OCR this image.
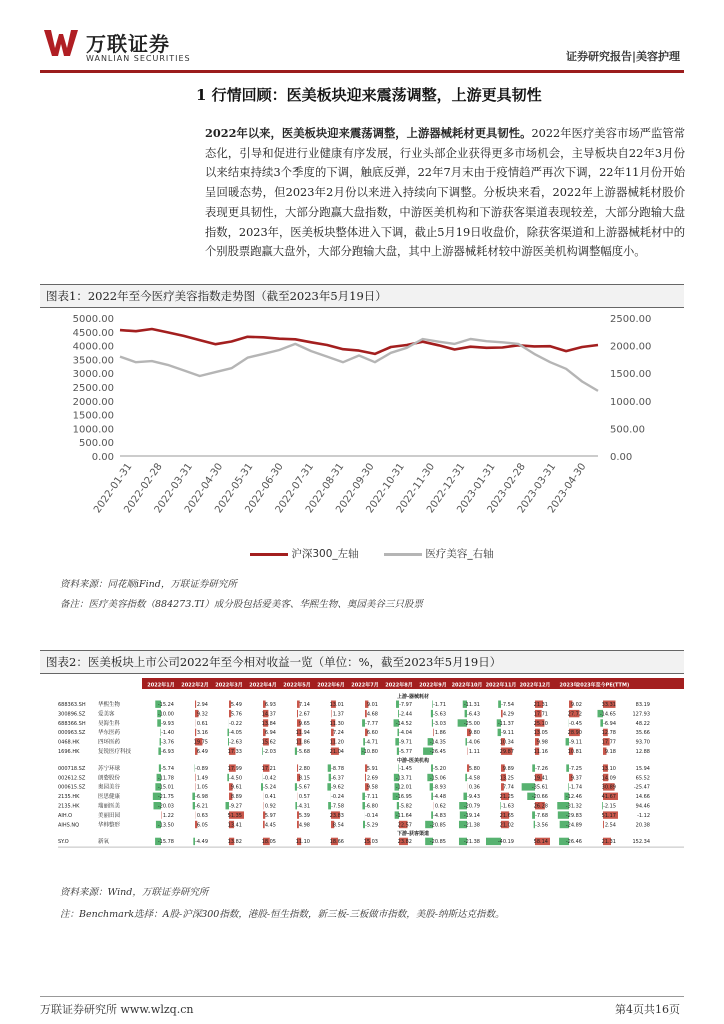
万联证券
WANLIAN SECURITIES	证券研究报告|美容护理
1 行情回顾：医美板块迎来震荡调整，上游更具韧性
2022年以来，医美板块迎来震荡调整，上游器械耗材更具韧性。2022年医疗美容市场严监管常态化，引导和促进行业健康有序发展，行业头部企业获得更多市场机会，主导板块自22年3月份以来结束持续3个季度的下调，触底反弹，22年7月末由于疫情趋严再次下调，22年11月份开始呈回暖态势，但2023年2月份以来进入持续向下调整。分板块来看，2022年上游器械耗材股价表现更具韧性，大部分跑赢大盘指数，中游医美机构和下游获客渠道表现较差，大部分跑输大盘指数，2023年，医美板块整体进入下调，截止5月19日收盘价，除获客渠道和上游器械耗材中的个别股票跑赢大盘外，大部分跑输大盘，其中上游器械耗材较中游医美机构调整幅度小。
图表1：2022年至今医疗美容指数走势图（截至2023年5月19日）
0.00
500.00
1000.00
1500.00
2000.00
2500.00
3000.00
3500.00
4000.00
4500.00
5000.00
0.00
500.00
1000.00
1500.00
2000.00
2500.00
2022-01-31
2022-02-28
2022-03-31
2022-04-30
2022-05-31
2022-06-30
2022-07-31
2022-08-31
2022-09-30
2022-10-31
2022-11-30
2022-12-31
2023-01-31
2023-02-28
2023-03-31
2023-04-30
沪深300_左轴	医疗美容_右轴
资料来源：同花顺iFind，万联证券研究所
备注：医疗美容指数（884273.TI）成分股包括爱美客、华熙生物、奥园美谷三只股票
图表2：医美板块上市公司2022年至今相对收益一览（单位：%，截至2023年5月19日）
2022年1月 2022年2月 2022年3月 2022年4月 2022年5月 2022年6月 2022年7月 2022年8月 2022年9月 2022年10月 2022年11月 2022年12月 2023年
2023年至今PE(TTM)
上游-器械耗材
688363.SH 华熙生物	-15.24	2.94	5.49	6.93	7.14	13.01	9.01	-7.97	-1.71	-11.31	-7.54	21.31	9.02	33.31	83.19
300896.SZ 爱美客	-10.00	9.32	5.76	14.37	2.67	1.37	4.68	-2.44	-5.63	-6.43	4.29	17.71	27.72	-14.65	127.93
688366.SH 昊海生科	-9.93	0.61	-0.22	13.84	9.65	11.30	-7.77	-14.52	-3.03	-25.00	-11.37	25.10	-0.45	-6.94	48.22
000963.SZ 华东医药	-1.40	3.16	-4.05	6.94	11.94	7.24	6.60	-4.04	1.86	9.80	-9.11	13.05	28.90	12.78	35.66
0468.HK	四环医药	-3.76	19.75	-2.63	15.62	11.86	11.20	-4.71	-9.71	-14.35	-4.06	10.34	9.98	-9.11	17.77	93.70
1696.HK	复锐医疗科技	-6.93	6.49	17.33	-2.03	-5.68	21.04	-10.80	-5.77	-26.45	1.11	29.87	11.16	10.81	9.18	12.88
中游-医美机构
000718.SZ 苏宁环球	-5.74	-0.89	17.99	17.21	2.80	-8.78	5.91	-1.45	-5.20	5.80	9.89	-7.26	-7.25	13.10	15.94
002612.SZ 朗姿股份	-11.78	1.49	-4.50	-0.42	8.15	-6.37	2.69	-13.71	-15.06	-4.58	13.25	19.41	9.37	14.09	65.52
000615.SZ 奥园美谷	-15.01	1.05	9.61	-5.24	-5.67	-9.62	9.58	-12.01	-8.93	0.36	7.74	-35.61	-1.74	30.89	-25.47
2135.HK	医思健康	-21.75	-6.98	8.89	0.41	0.57	-0.24	-7.11	-16.95	-4.48	-9.43	21.25	-20.66	-12.46	41.67	14.66
2135.HK	瑞丽医美	-20.03	-6.21	-9.27	0.92	-4.31	-7.58	-6.80	-5.82	0.62	-20.79	-1.63	26.28	-31.32	-2.15	94.46
AIH.O	美丽田园	1.22	0.63	51.35	5.97	5.39	23.83	-0.14	-11.64	-4.83	-19.14	21.65	-7.68	-29.83	51.17	-1.12
AIHS.NQ	华韩整形	-13.50	6.05	13.41	4.45	4.98	8.54	-5.29	22.57	-20.85	-21.38	21.02	-3.56	-24.89	2.54	20.38
下游-获客渠道
SY.O	新氧	-15.78	-4.49	13.82	18.05	11.10	18.66	15.03	23.82	-20.85	-21.38	-40.19	58.14	-26.46	21.31	152.34
资料来源：Wind，万联证券研究所
注：Benchmark选择：A股-沪深300指数，港股-恒生指数，新三板-三板做市指数，美股-纳斯达克指数。
万联证券研究所 www.wlzq.cn	第4页共16页
